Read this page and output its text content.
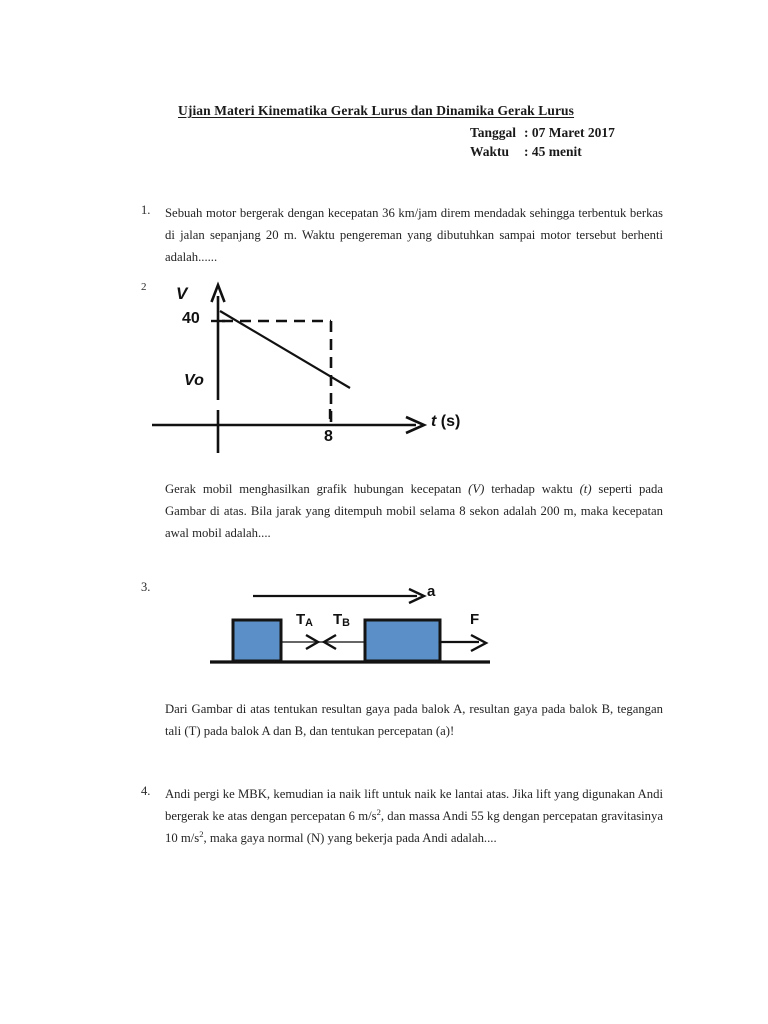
Ujian Materi Kinematika Gerak Lurus dan Dinamika Gerak Lurus
Tanggal : 07 Maret 2017
Waktu : 45 menit
1. Sebuah motor bergerak dengan kecepatan 36 km/jam direm mendadak sehingga terbentuk berkas di jalan sepanjang 20 m. Waktu pengereman yang dibutuhkan sampai motor tersebut berhenti adalah......
2 V
40
Vo
8
t (s)
Gerak mobil menghasilkan grafik hubungan kecepatan (V) terhadap waktu (t) seperti pada Gambar di atas. Bila jarak yang ditempuh mobil selama 8 sekon adalah 200 m, maka kecepatan awal mobil adalah....
3.	a
$T_A$ $T_B$	F
Dari Gambar di atas tentukan resultan gaya pada balok A, resultan gaya pada balok B, tegangan tali (T) pada balok A dan B, dan tentukan percepatan (a)!
4. Andi pergi ke MBK, kemudian ia naik lift untuk naik ke lantai atas. Jika lift yang digunakan Andi bergerak ke atas dengan percepatan 6 $m/s^2$, dan massa Andi 55 kg dengan percepatan gravitasinya 10 $m/s^2$, maka gaya normal (N) yang bekerja pada Andi adalah....
